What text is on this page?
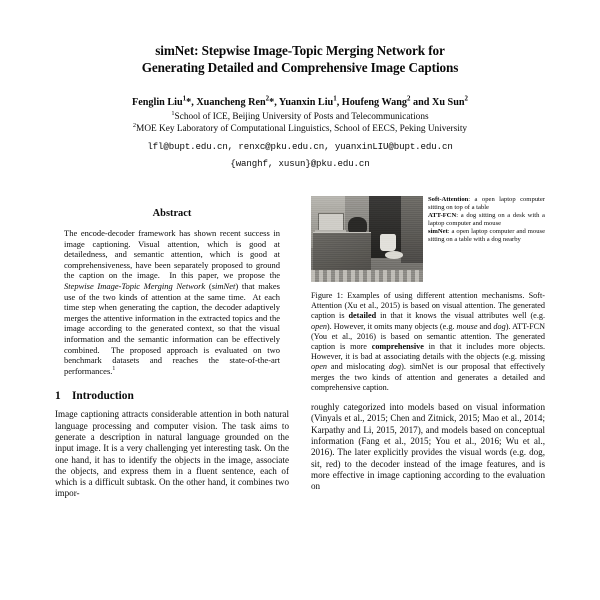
simNet: Stepwise Image-Topic Merging Network for
Generating Detailed and Comprehensive Image Captions
Fenglin Liu$^1$*, Xuancheng Ren$^2$*, Yuanxin Liu$^1$, Houfeng Wang$^2$ and Xu Sun$^2$
$^1$School of ICE, Beijing University of Posts and Telecommunications
$^2$MOE Key Laboratory of Computational Linguistics, School of EECS, Peking University
lfl@bupt.edu.cn, renxc@pku.edu.cn, yuanxinLIU@bupt.edu.cn
{wanghf, xusun}@pku.edu.cn
Abstract
The encode-decoder framework has shown recent success in image captioning. Visual attention, which is good at detailedness, and semantic attention, which is good at comprehensiveness, have been separately proposed to ground the caption on the image.  In this paper, we propose the Stepwise Image-Topic Merging Network (simNet) that makes use of the two kinds of attention at the same time.  At each time step when generating the caption, the decoder adaptively merges the attentive information in the extracted topics and the image according to the generated context, so that the visual information and the semantic information can be effectively combined.  The proposed approach is evaluated on two benchmark datasets and reaches the state-of-the-art performances.$^1$
1 Introduction
Image captioning attracts considerable attention in both natural language processing and computer vision. The task aims to generate a description in natural language grounded on the input image. It is a very challenging yet interesting task. On the one hand, it has to identify the objects in the image, associate the objects, and express them in a fluent sentence, each of which is a difficult subtask. On the other hand, it combines two impor-

Soft-Attention: a open laptop computer sitting on top of a table

ATT-FCN: a dog sitting on a desk with a laptop computer and mouse

simNet: a open laptop computer and mouse sitting on a table with a dog nearby

Figure 1: Examples of using different attention mechanisms. Soft-Attention (Xu et al., 2015) is based on visual attention. The generated caption is detailed in that it knows the visual attributes well (e.g. open). However, it omits many objects (e.g. mouse and dog). ATT-FCN (You et al., 2016) is based on semantic attention. The generated caption is more comprehensive in that it includes more objects. However, it is bad at associating details with the objects (e.g. missing open and mislocating dog). simNet is our proposal that effectively merges the two kinds of attention and generates a detailed and comprehensive caption.
roughly categorized into models based on visual information (Vinyals et al., 2015; Chen and Zitnick, 2015; Mao et al., 2014; Karpathy and Li, 2015, 2017), and models based on conceptual information (Fang et al., 2015; You et al., 2016; Wu et al., 2016). The later explicitly provides the visual words (e.g. dog, sit, red) to the decoder instead of the image features, and is more effective in image captioning according to the evaluation on
